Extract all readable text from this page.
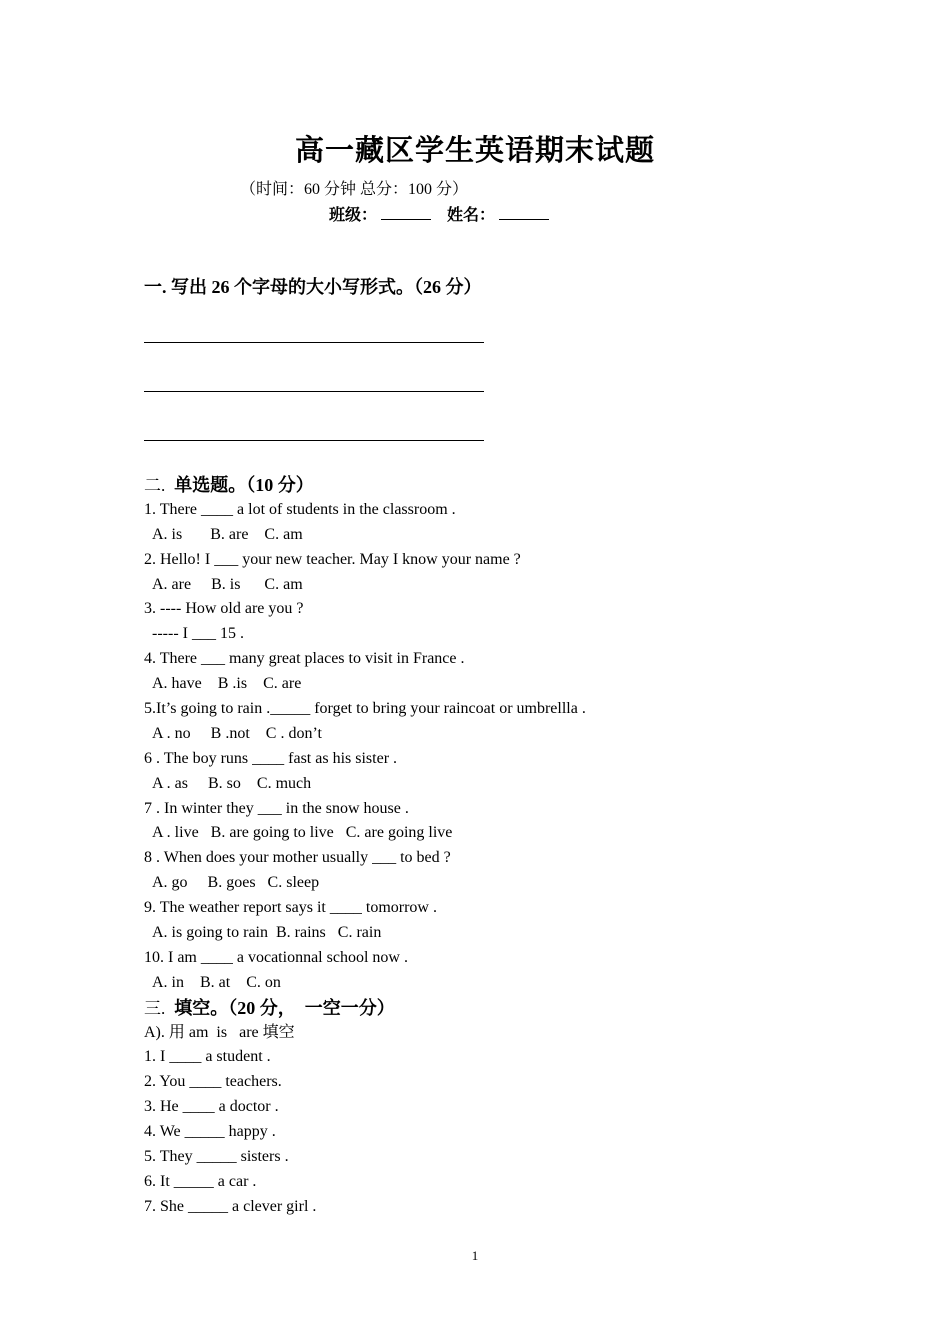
高一藏区学生英语期末试题
（时间：60 分钟 总分：100 分）
班级：	姓名：
一. 写出 26 个字母的大小写形式。（26 分）
二.  单选题。（10 分）
1. There ____ a lot of students in the classroom .
A. is       B. are    C. am
2. Hello! I ___ your new teacher. May I know your name ?
A. are     B. is      C. am
3. ---- How old are you ?
----- I ___ 15 .
4. There ___ many great places to visit in France .
A. have    B .is    C. are
5.It’s going to rain ._____ forget to bring your raincoat or umbrellla .
A . no     B .not    C . don’t
6 . The boy runs ____ fast as his sister .
A . as     B. so    C. much
7 . In winter they ___ in the snow house .
A . live   B. are going to live   C. are going live
8 . When does your mother usually ___ to bed ?
A. go     B. goes   C. sleep
9. The weather report says it ____ tomorrow .
A. is going to rain  B. rains   C. rain
10. I am ____ a vocationnal school now .
A. in    B. at    C. on
三.  填空。（20 分，  一空一分）
A). 用 am  is   are 填空
1. I ____ a student .
2. You ____ teachers.
3. He ____ a doctor .
4. We _____ happy .
5. They _____ sisters .
6. It _____ a car .
7. She _____ a clever girl .
1
